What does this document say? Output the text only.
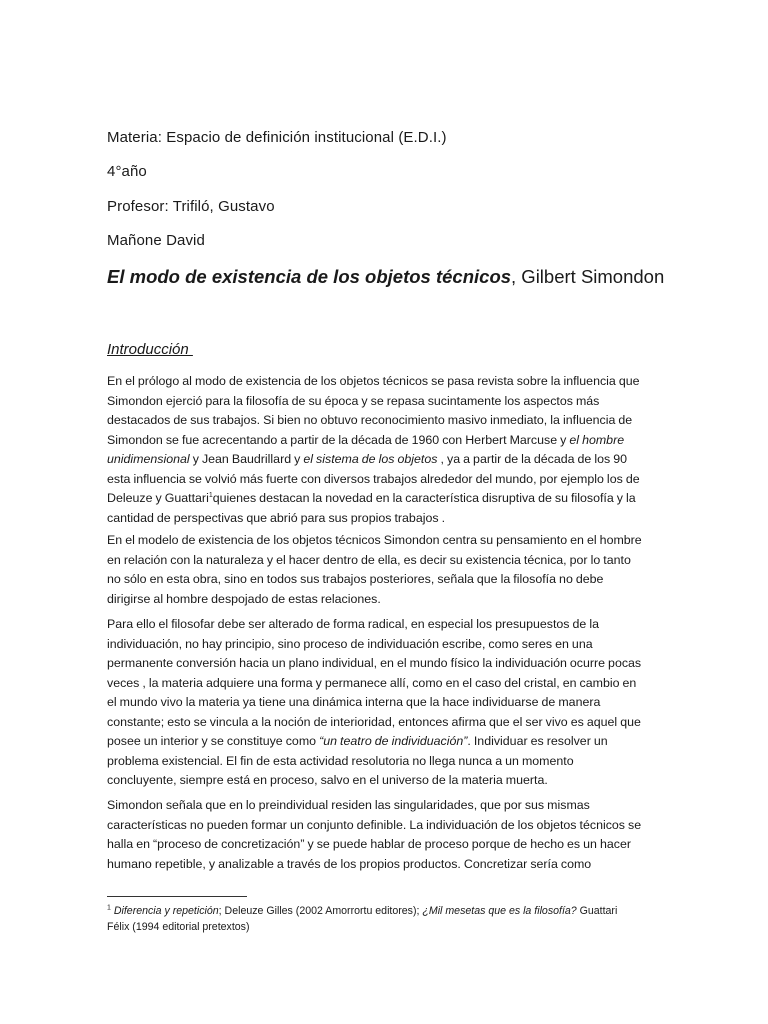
Materia: Espacio de definición institucional (E.D.I.)
4°año
Profesor: Trifiló, Gustavo
Mañone David
El modo de existencia de los objetos técnicos, Gilbert Simondon
Introducción
En el prólogo al modo de existencia de los objetos técnicos se pasa revista sobre la influencia que
Simondon ejerció para la filosofía de su época y se repasa sucintamente los aspectos más
destacados de sus trabajos. Si bien no obtuvo reconocimiento masivo inmediato, la influencia de
Simondon se fue acrecentando a partir de la década de 1960 con Herbert Marcuse y el hombre
unidimensional y Jean Baudrillard y el sistema de los objetos , ya a partir de la década de los 90
esta influencia se volvió más fuerte con diversos trabajos alrededor del mundo, por ejemplo los de
Deleuze y Guattari$^1$quienes destacan la novedad en la característica disruptiva de su filosofía y la
cantidad de perspectivas que abrió para sus propios trabajos .
En el modelo de existencia de los objetos técnicos Simondon centra su pensamiento en el hombre
en relación con la naturaleza y el hacer dentro de ella, es decir su existencia técnica, por lo tanto
no sólo en esta obra, sino en todos sus trabajos posteriores, señala que la filosofía no debe
dirigirse al hombre despojado de estas relaciones.
Para ello el filosofar debe ser alterado de forma radical, en especial los presupuestos de la
individuación, no hay principio, sino proceso de individuación escribe, como seres en una
permanente conversión hacia un plano individual, en el mundo físico la individuación ocurre pocas
veces , la materia adquiere una forma y permanece allí, como en el caso del cristal, en cambio en
el mundo vivo la materia ya tiene una dinámica interna que la hace individuarse de manera
constante; esto se vincula a la noción de interioridad, entonces afirma que el ser vivo es aquel que
posee un interior y se constituye como “un teatro de individuación”. Individuar es resolver un
problema existencial. El fin de esta actividad resolutoria no llega nunca a un momento
concluyente, siempre está en proceso, salvo en el universo de la materia muerta.
Simondon señala que en lo preindividual residen las singularidades, que por sus mismas
características no pueden formar un conjunto definible. La individuación de los objetos técnicos se
halla en “proceso de concretización” y se puede hablar de proceso porque de hecho es un hacer
humano repetible, y analizable a través de los propios productos. Concretizar sería como
$^1$ Diferencia y repetición; Deleuze Gilles (2002 Amorrortu editores); ¿Mil mesetas que es la filosofía? Guattari
Félix (1994 editorial pretextos)
